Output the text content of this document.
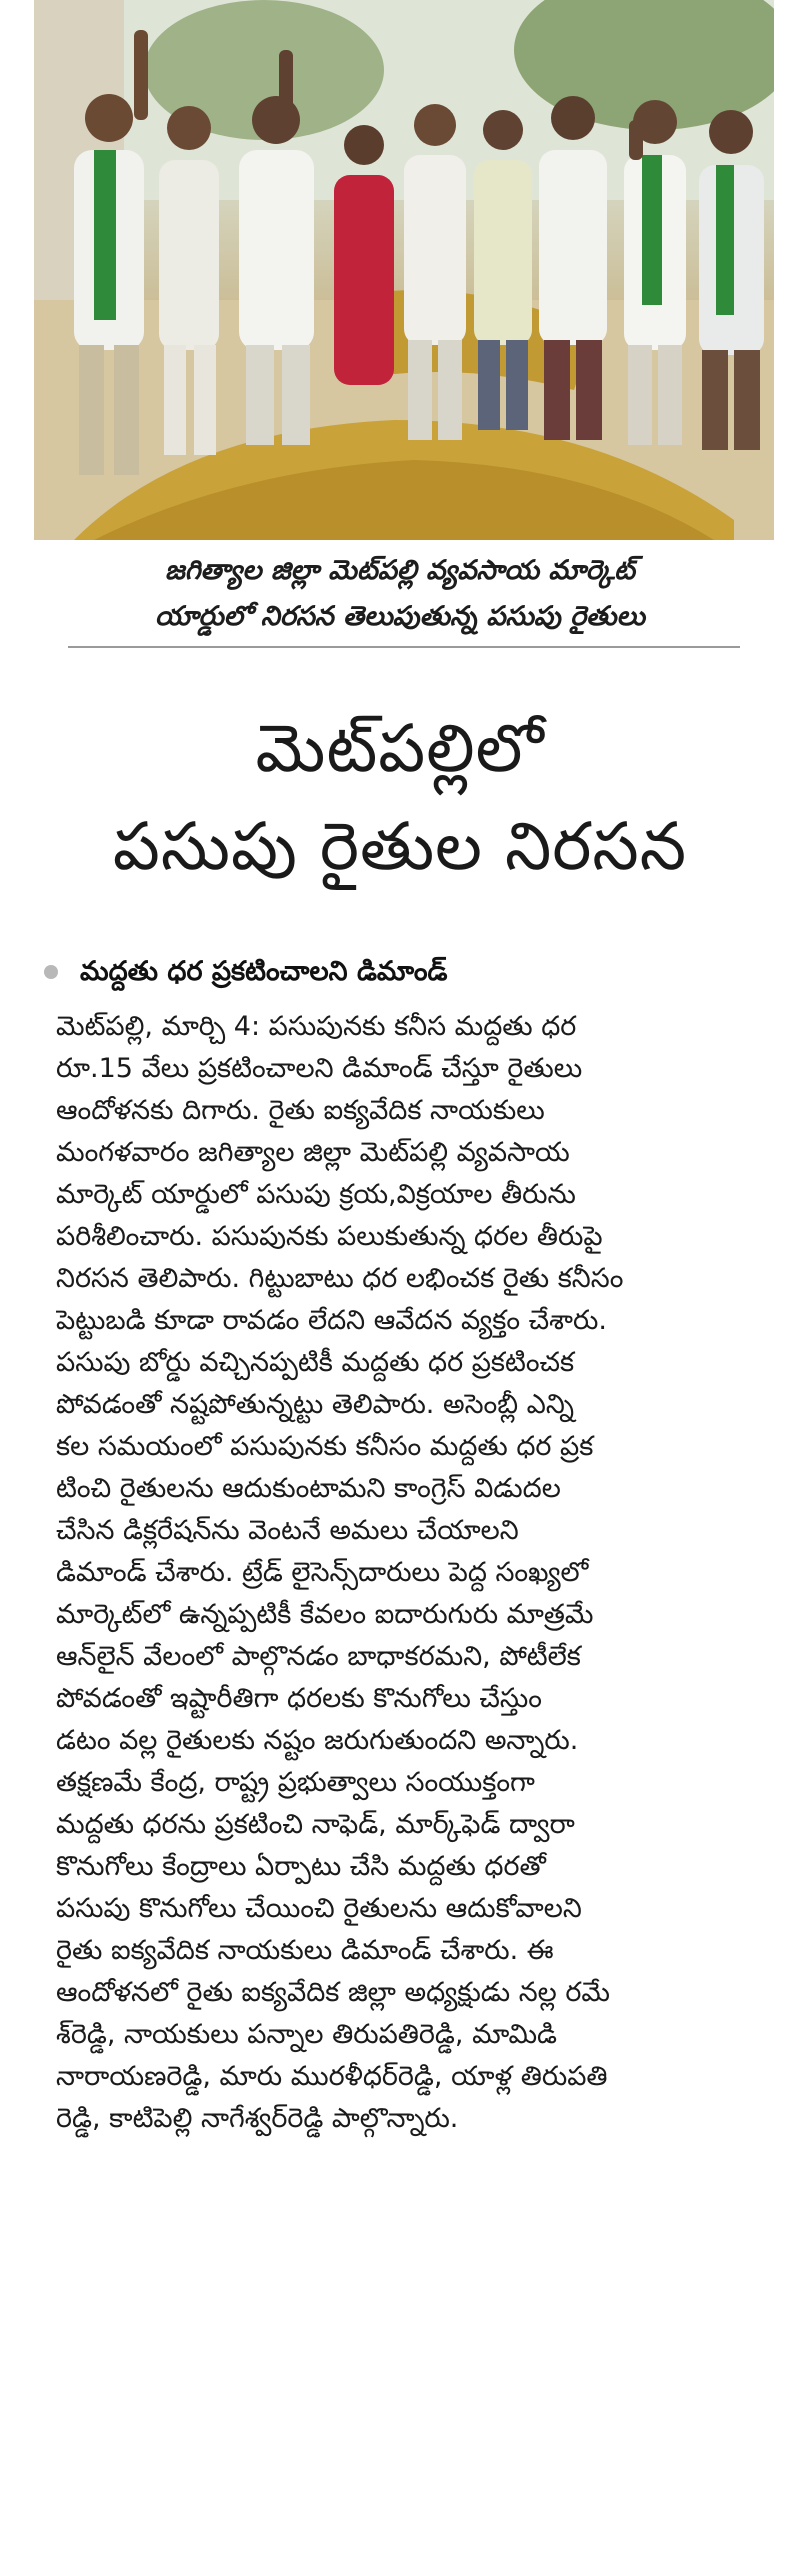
జగిత్యాల జిల్లా మెట్‌పల్లి వ్యవసాయ మార్కెట్
యార్డులో నిరసన తెలుపుతున్న పసుపు రైతులు
మెట్‌పల్లిలో
పసుపు రైతుల నిరసన
మద్దతు ధర ప్రకటించాలని డిమాండ్
మెట్‌పల్లి, మార్చి 4: పసుపునకు కనీస మద్దతు ధర
రూ.15 వేలు ప్రకటించాలని డిమాండ్ చేస్తూ రైతులు
ఆందోళనకు దిగారు. రైతు ఐక్యవేదిక నాయకులు
మంగళవారం జగిత్యాల జిల్లా మెట్‌పల్లి వ్యవసాయ
మార్కెట్ యార్డులో పసుపు క్రయ,విక్రయాల తీరును
పరిశీలించారు. పసుపునకు పలుకుతున్న ధరల తీరుపై
నిరసన తెలిపారు. గిట్టుబాటు ధర లభించక రైతు కనీసం
పెట్టుబడి కూడా రావడం లేదని ఆవేదన వ్యక్తం చేశారు.
పసుపు బోర్డు వచ్చినప్పటికీ మద్దతు ధర ప్రకటించక
పోవడంతో నష్టపోతున్నట్టు తెలిపారు. అసెంబ్లీ ఎన్ని
కల సమయంలో పసుపునకు కనీసం మద్దతు ధర ప్రక
టించి రైతులను ఆదుకుంటామని కాంగ్రెస్ విడుదల
చేసిన డిక్లరేషన్‌ను వెంటనే అమలు చేయాలని
డిమాండ్ చేశారు. ట్రేడ్ లైసెన్స్‌దారులు పెద్ద సంఖ్యలో
మార్కెట్‌లో ఉన్నప్పటికీ కేవలం ఐదారుగురు మాత్రమే
ఆన్‌లైన్ వేలంలో పాల్గొనడం బాధాకరమని, పోటీలేక
పోవడంతో ఇష్టారీతిగా ధరలకు కొనుగోలు చేస్తుం
డటం వల్ల రైతులకు నష్టం జరుగుతుందని అన్నారు.
తక్షణమే కేంద్ర, రాష్ట్ర ప్రభుత్వాలు సంయుక్తంగా
మద్దతు ధరను ప్రకటించి నాఫెడ్, మార్క్‌ఫెడ్ ద్వారా
కొనుగోలు కేంద్రాలు ఏర్పాటు చేసి మద్దతు ధరతో
పసుపు కొనుగోలు చేయించి రైతులను ఆదుకోవాలని
రైతు ఐక్యవేదిక నాయకులు డిమాండ్ చేశారు. ఈ
ఆందోళనలో రైతు ఐక్యవేదిక జిల్లా అధ్యక్షుడు నల్ల రమే
శ్‌రెడ్డి, నాయకులు పన్నాల తిరుపతిరెడ్డి, మామిడి
నారాయణరెడ్డి, మారు మురళీధర్‌రెడ్డి, యాళ్ల తిరుపతి
రెడ్డి, కాటిపెల్లి నాగేశ్వర్‌రెడ్డి పాల్గొన్నారు.
